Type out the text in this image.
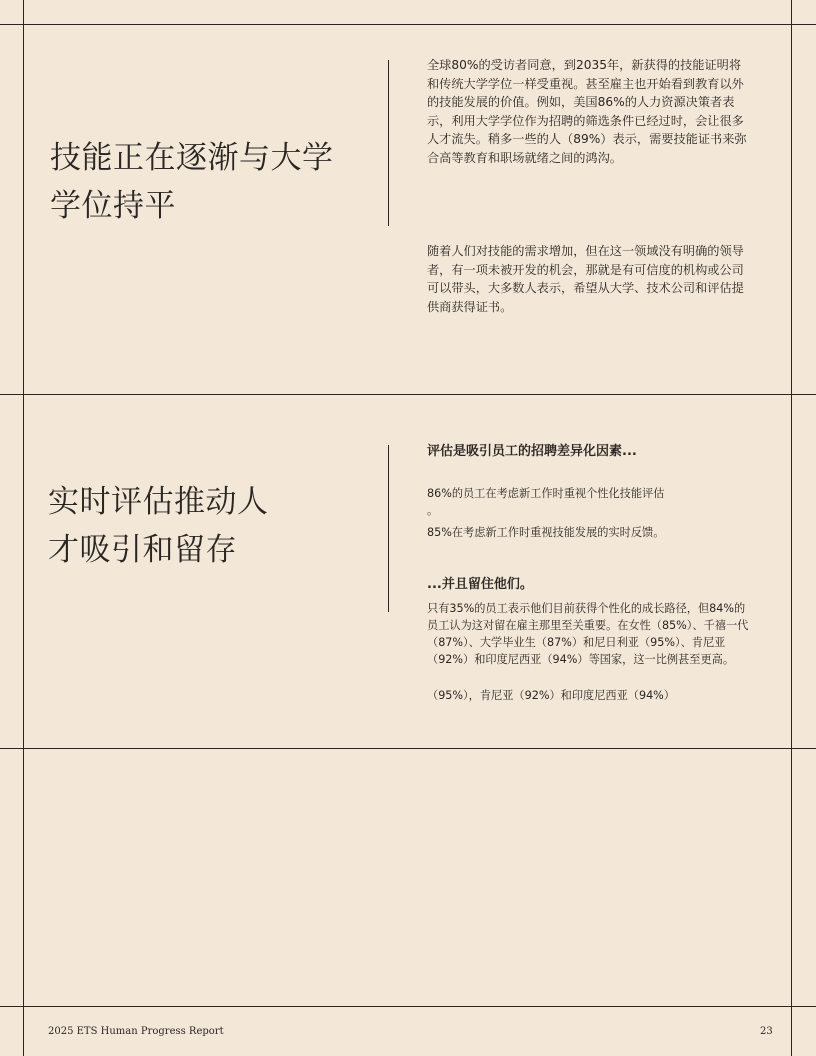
技能正在逐渐与大学
学位持平
全球80%的受访者同意，到2035年，新获得的技能证明将和传统大学学位一样受重视。甚至雇主也开始看到教育以外的技能发展的价值。例如，美国86%的人力资源决策者表示，利用大学学位作为招聘的筛选条件已经过时，会让很多人才流失。稍多一些的人（89%）表示，需要技能证书来弥合高等教育和职场就绪之间的鸿沟。
随着人们对技能的需求增加，但在这一领域没有明确的领导者，有一项未被开发的机会，那就是有可信度的机构或公司可以带头，大多数人表示，希望从大学、技术公司和评估提供商获得证书。
实时评估推动人
才吸引和留存
评估是吸引员工的招聘差异化因素...
86%的员工在考虑新工作时重视个性化技能评估
。
85%在考虑新工作时重视技能发展的实时反馈。
...并且留住他们。
只有35%的员工表示他们目前获得个性化的成长路径，但84%的员工认为这对留在雇主那里至关重要。在女性（85%）、千禧一代（87%）、大学毕业生（87%）和尼日利亚（95%）、肯尼亚（92%）和印度尼西亚（94%）等国家，这一比例甚至更高。
（95%），肯尼亚（92%）和印度尼西亚（94%）
2025 ETS Human Progress Report	23
